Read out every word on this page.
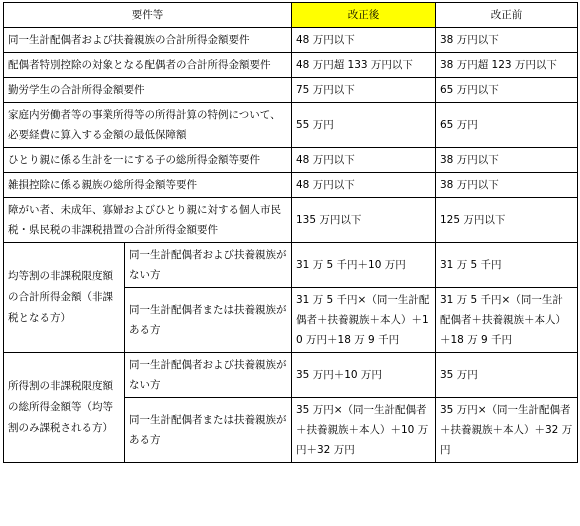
要件等		改正後	改正前
同一生計配偶者および扶養親族の合計所得金額要件		48 万円以下	38 万円以下
配偶者特別控除の対象となる配偶者の合計所得金額要件		48 万円超 133 万円以下	38 万円超 123 万円以下
勤労学生の合計所得金額要件		75 万円以下	65 万円以下
家庭内労働者等の事業所得等の所得計算の特例について、必要経費に算入する金額の最低保障額		55 万円	65 万円
ひとり親に係る生計を一にする子の総所得金額等要件		48 万円以下	38 万円以下
雑損控除に係る親族の総所得金額等要件		48 万円以下	38 万円以下
障がい者、未成年、寡婦およびひとり親に対する個人市民税・県民税の非課税措置の合計所得金額要件		135 万円以下	125 万円以下
均等割の非課税限度額の合計所得金額（非課税となる方）	同一生計配偶者および扶養親族がない方	31 万 5 千円＋10 万円	31 万 5 千円
	同一生計配偶者または扶養親族がある方	31 万 5 千円×（同一生計配偶者＋扶養親族＋本人）＋10 万円＋18 万 9 千円	31 万 5 千円×（同一生計配偶者＋扶養親族＋本人）＋18 万 9 千円
所得割の非課税限度額の総所得金額等（均等割のみ課税される方）	同一生計配偶者および扶養親族がない方	35 万円＋10 万円	35 万円
	同一生計配偶者または扶養親族がある方	35 万円×（同一生計配偶者＋扶養親族＋本人）＋10 万円＋32 万円	35 万円×（同一生計配偶者＋扶養親族＋本人）＋32 万円
